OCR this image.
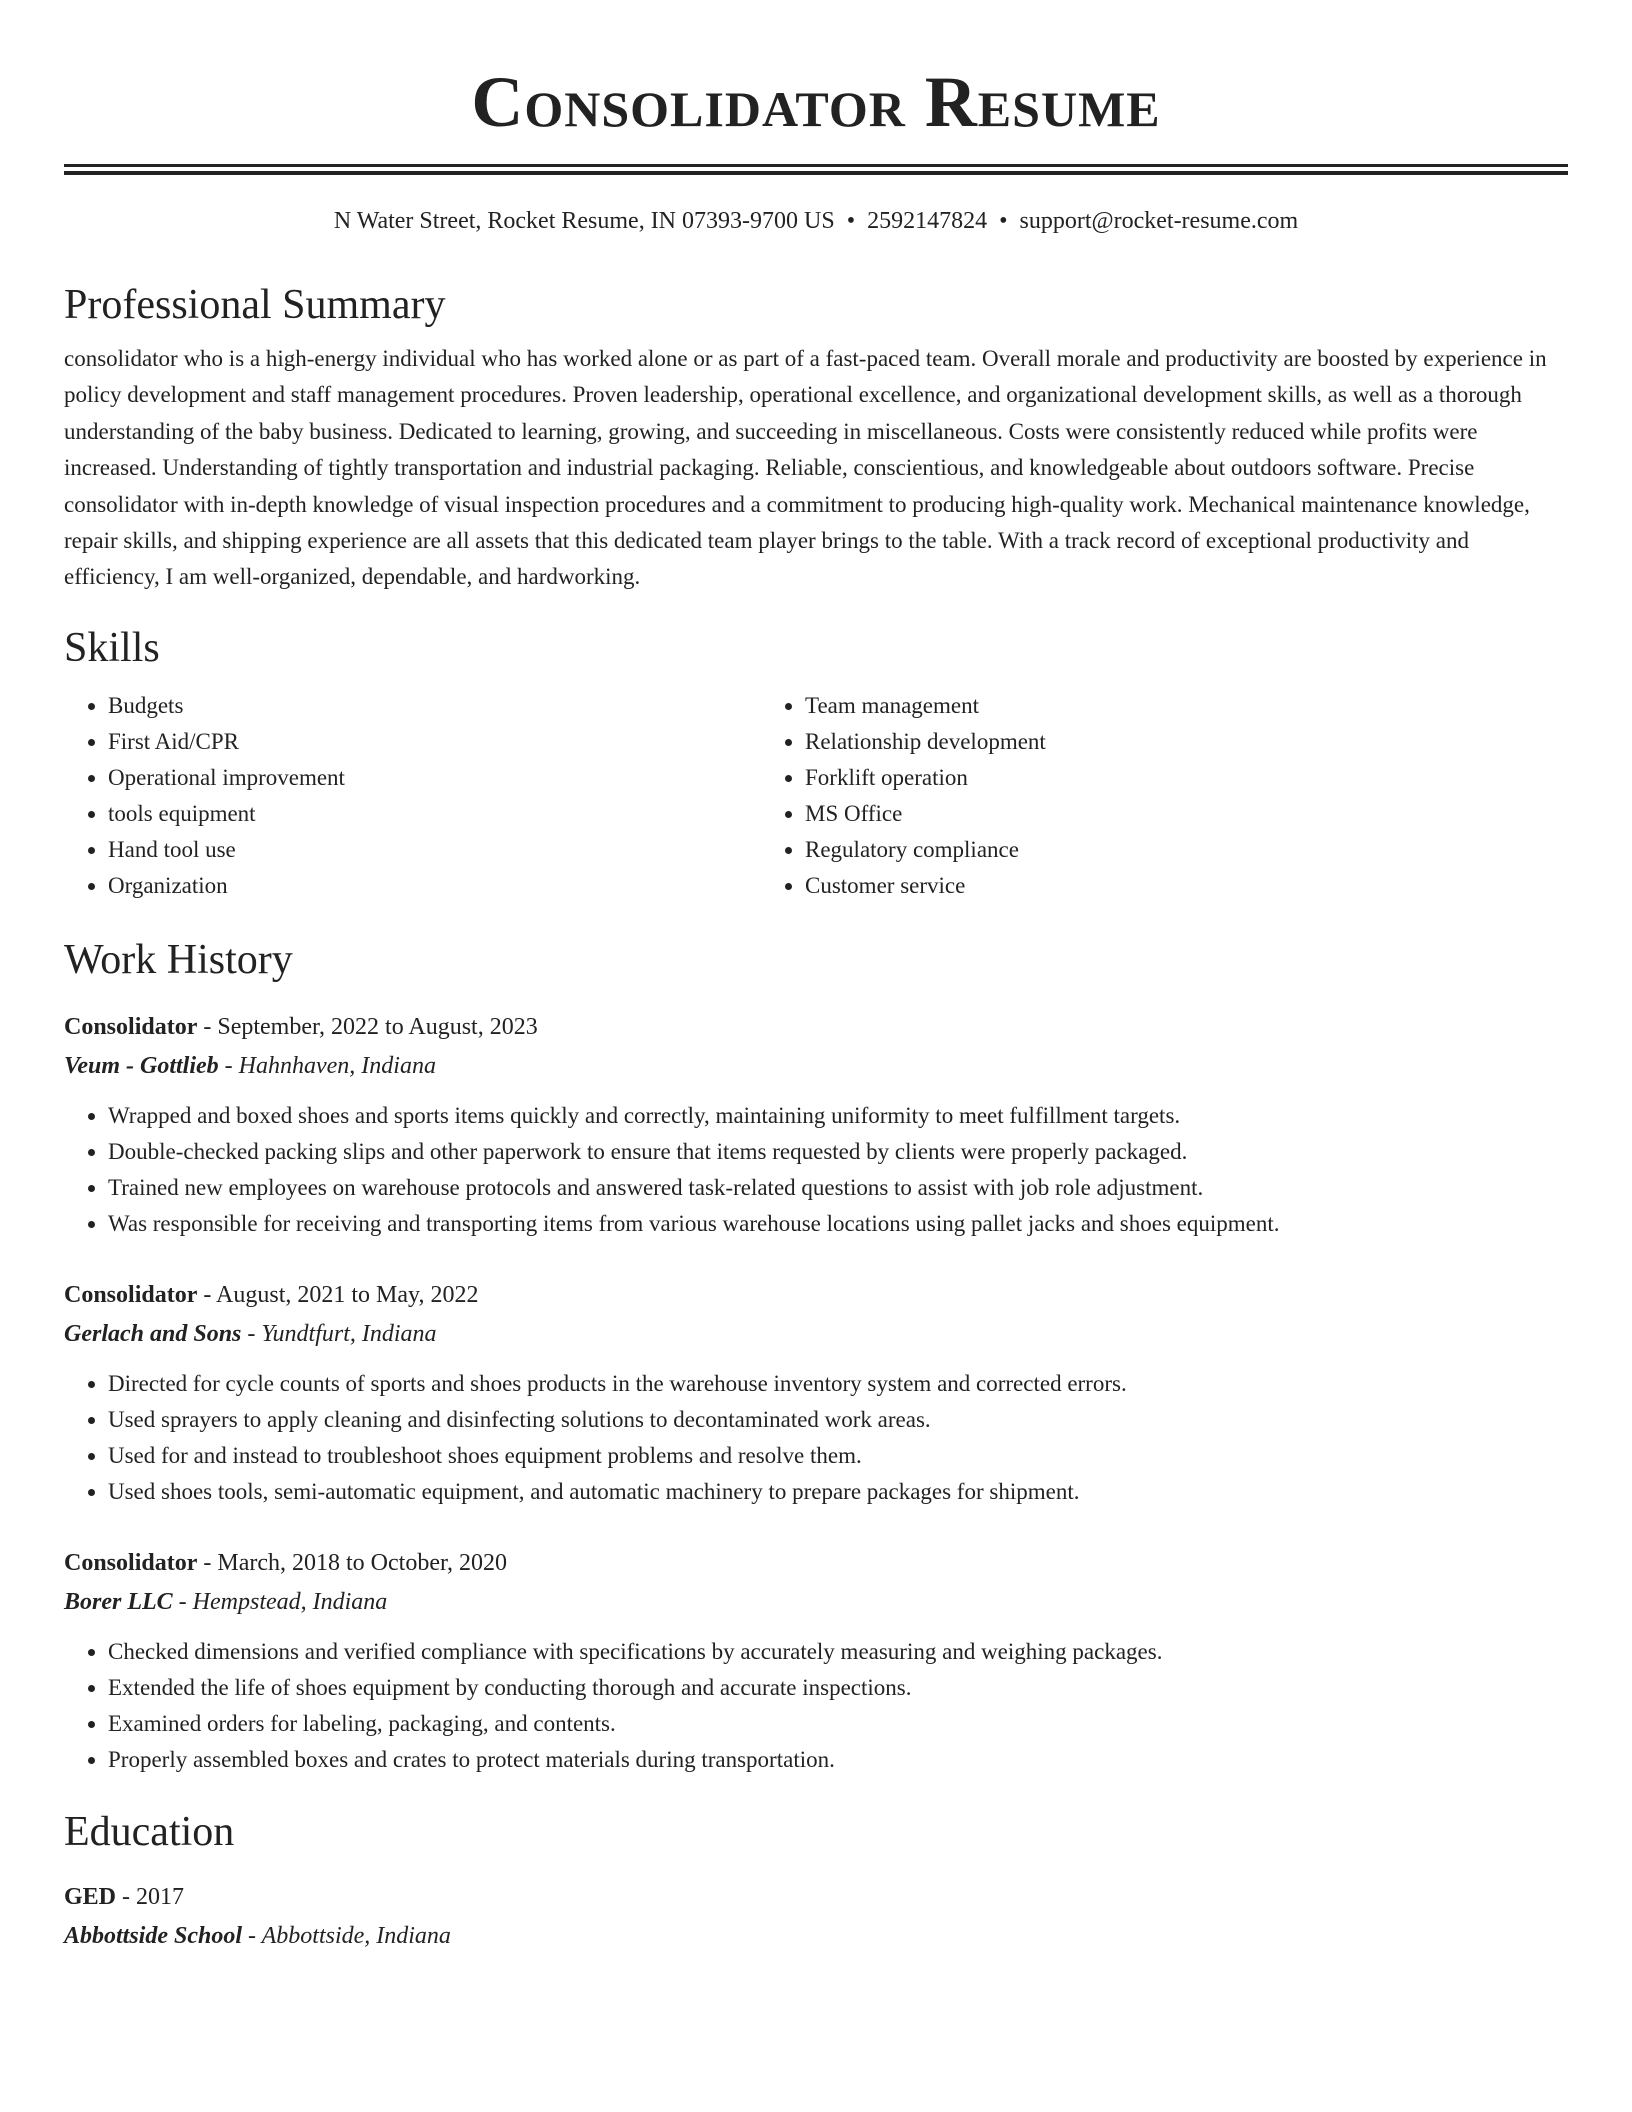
Consolidator Resume
N Water Street, Rocket Resume, IN 07393-9700 US • 2592147824 • support@rocket-resume.com
Professional Summary

consolidator who is a high-energy individual who has worked alone or as part of a fast-paced team. Overall morale and productivity are boosted by experience in policy development and staff management procedures. Proven leadership, operational excellence, and organizational development skills, as well as a thorough understanding of the baby business. Dedicated to learning, growing, and succeeding in miscellaneous. Costs were consistently reduced while profits were increased. Understanding of tightly transportation and industrial packaging. Reliable, conscientious, and knowledgeable about outdoors software. Precise consolidator with in-depth knowledge of visual inspection procedures and a commitment to producing high-quality work. Mechanical maintenance knowledge, repair skills, and shipping experience are all assets that this dedicated team player brings to the table. With a track record of exceptional productivity and efficiency, I am well-organized, dependable, and hardworking.

Skills
• Budgets
• First Aid/CPR
• Operational improvement
• tools equipment
• Hand tool use
• Organization
• Team management
• Relationship development
• Forklift operation
• MS Office
• Regulatory compliance
• Customer service
Work History
Consolidator - September, 2022 to August, 2023
Veum - Gottlieb - Hahnhaven, Indiana
• Wrapped and boxed shoes and sports items quickly and correctly, maintaining uniformity to meet fulfillment targets.
• Double-checked packing slips and other paperwork to ensure that items requested by clients were properly packaged.
• Trained new employees on warehouse protocols and answered task-related questions to assist with job role adjustment.
• Was responsible for receiving and transporting items from various warehouse locations using pallet jacks and shoes equipment.
Consolidator - August, 2021 to May, 2022
Gerlach and Sons - Yundtfurt, Indiana
• Directed for cycle counts of sports and shoes products in the warehouse inventory system and corrected errors.
• Used sprayers to apply cleaning and disinfecting solutions to decontaminated work areas.
• Used for and instead to troubleshoot shoes equipment problems and resolve them.
• Used shoes tools, semi-automatic equipment, and automatic machinery to prepare packages for shipment.
Consolidator - March, 2018 to October, 2020
Borer LLC - Hempstead, Indiana
• Checked dimensions and verified compliance with specifications by accurately measuring and weighing packages.
• Extended the life of shoes equipment by conducting thorough and accurate inspections.
• Examined orders for labeling, packaging, and contents.
• Properly assembled boxes and crates to protect materials during transportation.
Education
GED - 2017
Abbottside School - Abbottside, Indiana
